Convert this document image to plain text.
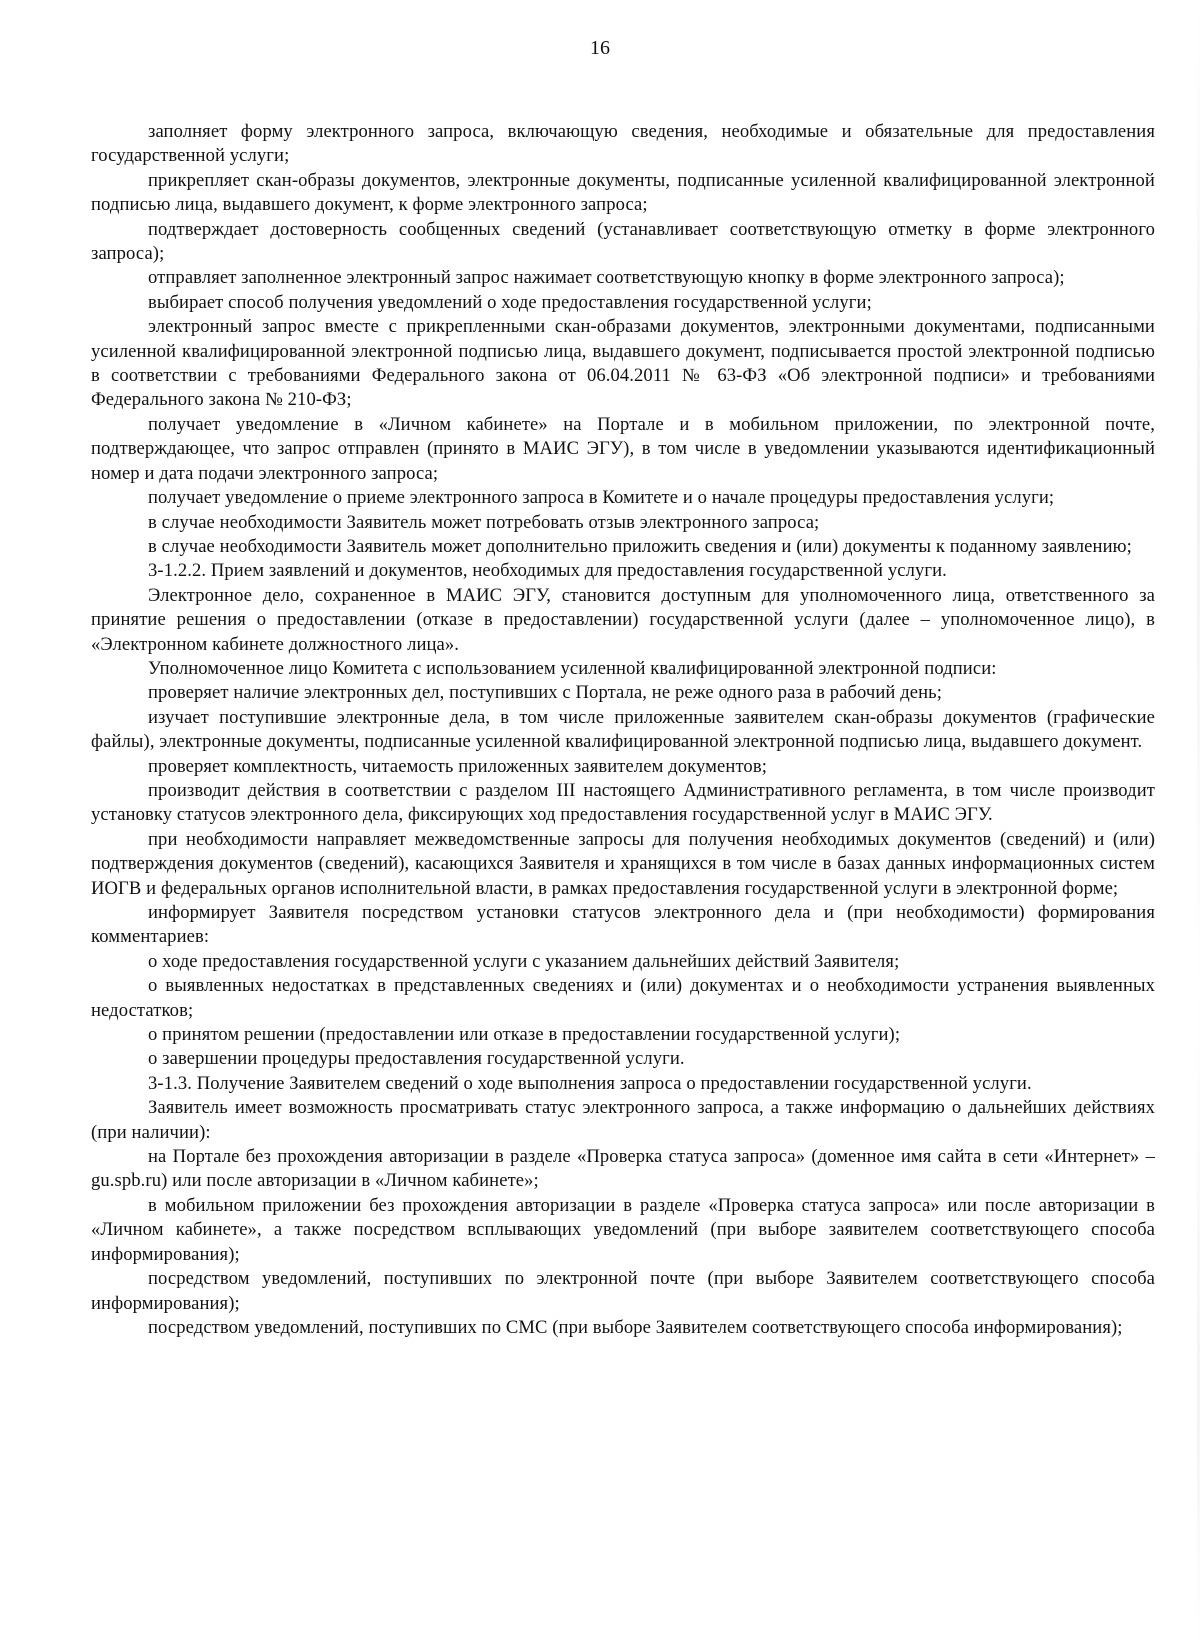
16

заполняет форму электронного запроса, включающую сведения, необходимые и обязательные для предоставления государственной услуги;

прикрепляет скан-образы документов, электронные документы, подписанные усиленной квалифицированной электронной подписью лица, выдавшего документ, к форме электронного запроса;

подтверждает достоверность сообщенных сведений (устанавливает соответствующую отметку в форме электронного запроса);

отправляет заполненное электронный запрос нажимает соответствующую кнопку в форме электронного запроса);

выбирает способ получения уведомлений о ходе предоставления государственной услуги;

электронный запрос вместе с прикрепленными скан-образами документов, электронными документами, подписанными усиленной квалифицированной электронной подписью лица, выдавшего документ, подписывается простой электронной подписью в соответствии с требованиями Федерального закона от 06.04.2011 № 63-ФЗ «Об электронной подписи» и требованиями Федерального закона № 210-ФЗ;

получает уведомление в «Личном кабинете» на Портале и в мобильном приложении, по электронной почте, подтверждающее, что запрос отправлен (принято в МАИС ЭГУ), в том числе в уведомлении указываются идентификационный номер и дата подачи электронного запроса;

получает уведомление о приеме электронного запроса в Комитете и о начале процедуры предоставления услуги;

в случае необходимости Заявитель может потребовать отзыв электронного запроса;

в случае необходимости Заявитель может дополнительно приложить сведения и (или) документы к поданному заявлению;

3-1.2.2. Прием заявлений и документов, необходимых для предоставления государственной услуги.

Электронное дело, сохраненное в МАИС ЭГУ, становится доступным для уполномоченного лица, ответственного за принятие решения о предоставлении (отказе в предоставлении) государственной услуги (далее – уполномоченное лицо), в «Электронном кабинете должностного лица».

Уполномоченное лицо Комитета с использованием усиленной квалифицированной электронной подписи:

проверяет наличие электронных дел, поступивших с Портала, не реже одного раза в рабочий день;

изучает поступившие электронные дела, в том числе приложенные заявителем скан-образы документов (графические файлы), электронные документы, подписанные усиленной квалифицированной электронной подписью лица, выдавшего документ.

проверяет комплектность, читаемость приложенных заявителем документов;

производит действия в соответствии с разделом III настоящего Административного регламента, в том числе производит установку статусов электронного дела, фиксирующих ход предоставления государственной услуг в МАИС ЭГУ.

при необходимости направляет межведомственные запросы для получения необходимых документов (сведений) и (или) подтверждения документов (сведений), касающихся Заявителя и хранящихся в том числе в базах данных информационных систем ИОГВ и федеральных органов исполнительной власти, в рамках предоставления государственной услуги в электронной форме;

информирует Заявителя посредством установки статусов электронного дела и (при необходимости) формирования комментариев:

о ходе предоставления государственной услуги с указанием дальнейших действий Заявителя;

о выявленных недостатках в представленных сведениях и (или) документах и о необходимости устранения выявленных недостатков;

о принятом решении (предоставлении или отказе в предоставлении государственной услуги);

о завершении процедуры предоставления государственной услуги.

3-1.3. Получение Заявителем сведений о ходе выполнения запроса о предоставлении государственной услуги.

Заявитель имеет возможность просматривать статус электронного запроса, а также информацию о дальнейших действиях (при наличии):

на Портале без прохождения авторизации в разделе «Проверка статуса запроса» (доменное имя сайта в сети «Интернет» – gu.spb.ru) или после авторизации в «Личном кабинете»;

в мобильном приложении без прохождения авторизации в разделе «Проверка статуса запроса» или после авторизации в «Личном кабинете», а также посредством всплывающих уведомлений (при выборе заявителем соответствующего способа информирования);

посредством уведомлений, поступивших по электронной почте (при выборе Заявителем соответствующего способа информирования);

посредством уведомлений, поступивших по СМС (при выборе Заявителем соответствующего способа информирования);
